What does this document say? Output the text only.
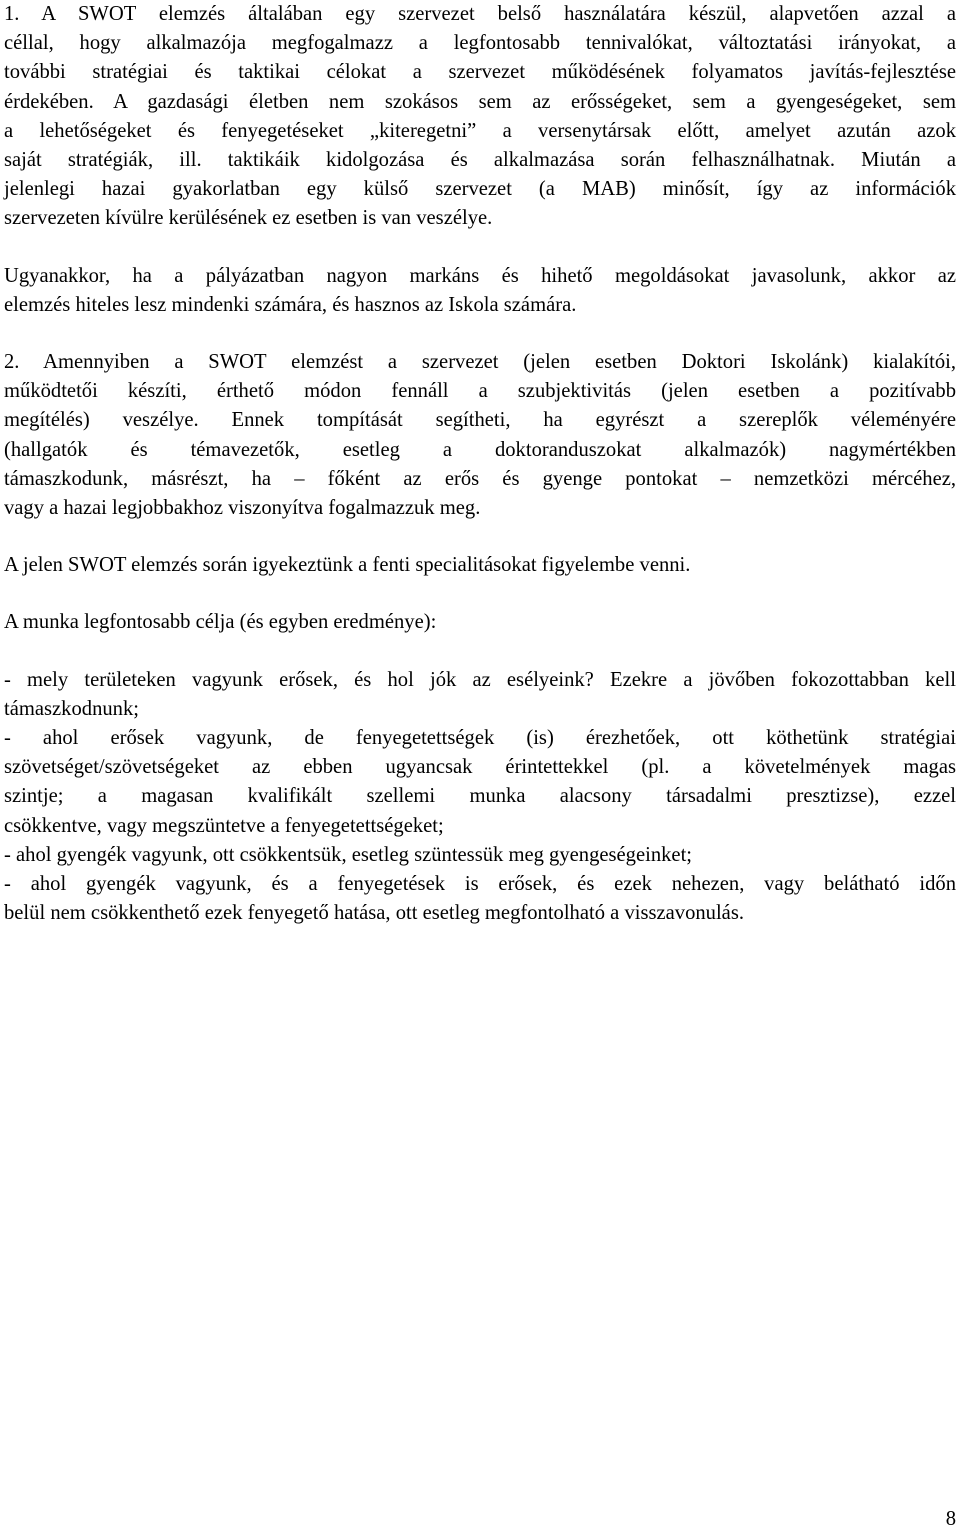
1. A SWOT elemzés általában egy szervezet belső használatára készül, alapvetően azzal a
céllal, hogy alkalmazója megfogalmazz a legfontosabb tennivalókat, változtatási irányokat, a
további stratégiai és taktikai célokat a szervezet működésének folyamatos javítás-fejlesztése
érdekében. A gazdasági életben nem szokásos sem az erősségeket, sem a gyengeségeket, sem
a lehetőségeket és fenyegetéseket „kiteregetni” a versenytársak előtt, amelyet azután azok
saját stratégiák, ill. taktikáik kidolgozása és alkalmazása során felhasználhatnak. Miután a
jelenlegi hazai gyakorlatban egy külső szervezet (a MAB) minősít, így az információk
szervezeten kívülre kerülésének ez esetben is van veszélye.
Ugyanakkor, ha a pályázatban nagyon markáns és hihető megoldásokat javasolunk, akkor az
elemzés hiteles lesz mindenki számára, és hasznos az Iskola számára.
2. Amennyiben a SWOT elemzést a szervezet (jelen esetben Doktori Iskolánk) kialakítói,
működtetői készíti, érthető módon fennáll a szubjektivitás (jelen esetben a pozitívabb
megítélés) veszélye. Ennek tompítását segítheti, ha egyrészt a szereplők véleményére
(hallgatók és témavezetők, esetleg a doktoranduszokat alkalmazók) nagymértékben
támaszkodunk, másrészt, ha – főként az erős és gyenge pontokat – nemzetközi mércéhez,
vagy a hazai legjobbakhoz viszonyítva fogalmazzuk meg.
A jelen SWOT elemzés során igyekeztünk a fenti specialitásokat figyelembe venni.
A munka legfontosabb célja (és egyben eredménye):
- mely területeken vagyunk erősek, és hol jók az esélyeink? Ezekre a jövőben fokozottabban kell
támaszkodnunk;
- ahol erősek vagyunk, de fenyegetettségek (is) érezhetőek, ott köthetünk stratégiai
szövetséget/szövetségeket az ebben ugyancsak érintettekkel (pl. a követelmények magas
szintje; a magasan kvalifikált szellemi munka alacsony társadalmi presztizse), ezzel
csökkentve, vagy megszüntetve a fenyegetettségeket;
- ahol gyengék vagyunk, ott csökkentsük, esetleg szüntessük meg gyengeségeinket;
- ahol gyengék vagyunk, és a fenyegetések is erősek, és ezek nehezen, vagy belátható időn
belül nem csökkenthető ezek fenyegető hatása, ott esetleg megfontolható a visszavonulás.
8
